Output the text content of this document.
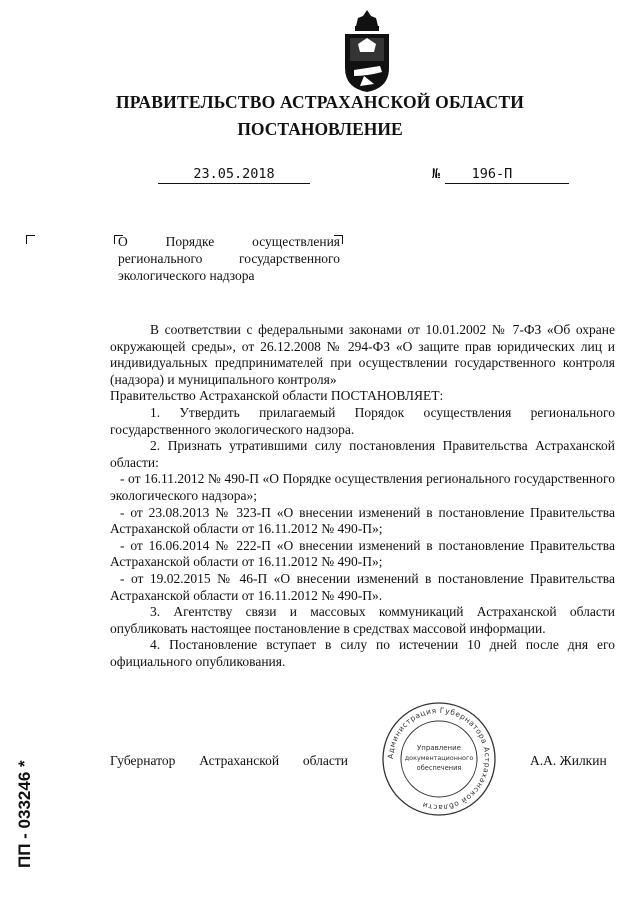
ПРАВИТЕЛЬСТВО АСТРАХАНСКОЙ ОБЛАСТИ
ПОСТАНОВЛЕНИЕ
23.05.2018	№	196-П
О Порядке осуществления регионального государственного экологического надзора

В соответствии с федеральными законами от 10.01.2002 № 7-ФЗ «Об охране окружающей среды», от 26.12.2008 № 294-ФЗ «О защите прав юридических лиц и индивидуальных предпринимателей при осуществлении государственного контроля (надзора) и муниципального контроля»

Правительство Астраханской области ПОСТАНОВЛЯЕТ:

1. Утвердить прилагаемый Порядок осуществления регионального государственного экологического надзора.

2. Признать утратившими силу постановления Правительства Астраханской области:

- от 16.11.2012 № 490-П «О Порядке осуществления регионального государственного экологического надзора»;

- от 23.08.2013 № 323-П «О внесении изменений в постановление Правительства Астраханской области от 16.11.2012 № 490-П»;

- от 16.06.2014 № 222-П «О внесении изменений в постановление Правительства Астраханской области от 16.11.2012 № 490-П»;

- от 19.02.2015 № 46-П «О внесении изменений в постановление Правительства Астраханской области от 16.11.2012 № 490-П».

3. Агентству связи и массовых коммуникаций Астраханской области опубликовать настоящее постановление в средствах массовой информации.

4. Постановление вступает в силу по истечении 10 дней после дня его официального опубликования.

Губернатор Астраханской области	А.А. Жилкин
Администрация Губернатора Астраханской области
Управление
документационного
обеспечения
ПП - 033246 *
